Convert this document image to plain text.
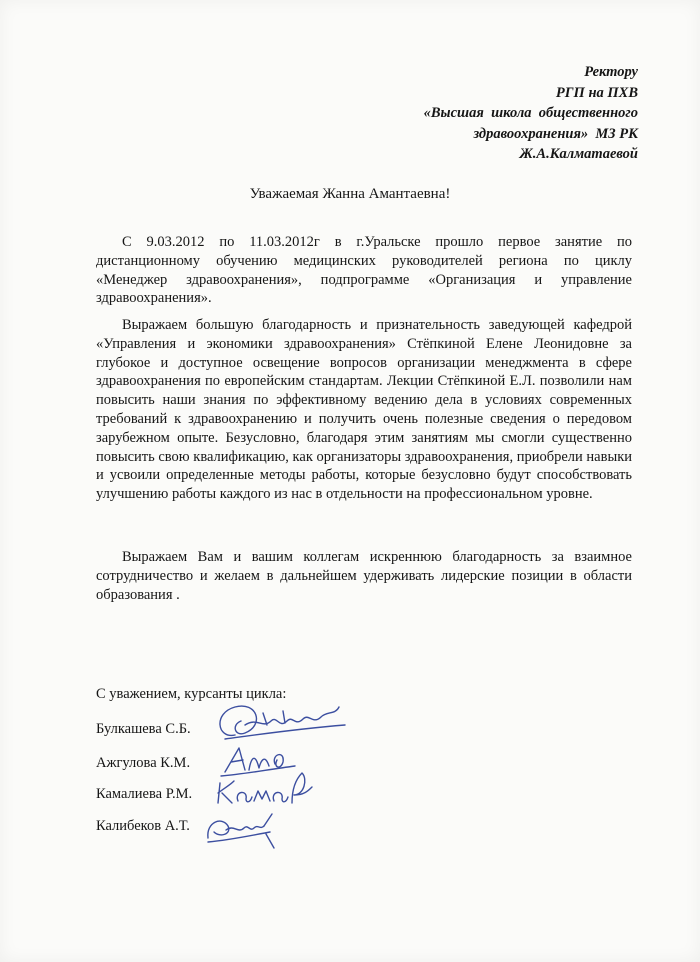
Ректору
РГП на ПХВ
«Высшая  школа  общественного
здравоохранения»  МЗ РК
Ж.А.Калматаевой
Уважаемая Жанна Амантаевна!

С 9.03.2012 по 11.03.2012г в г.Уральске прошло первое занятие по дистанционному обучению медицинских руководителей региона по циклу «Менеджер здравоохранения», подпрограмме «Организация и управление здравоохранения».

Выражаем большую благодарность и признательность заведующей кафедрой «Управления и экономики здравоохранения» Стёпкиной Елене Леонидовне за глубокое и доступное освещение вопросов организации менеджмента в сфере здравоохранения по европейским стандартам. Лекции Стёпкиной Е.Л. позволили нам повысить наши знания по эффективному ведению дела в условиях современных требований к здравоохранению и получить очень полезные сведения о передовом зарубежном опыте. Безусловно, благодаря этим занятиям мы смогли существенно повысить свою квалификацию, как организаторы здравоохранения, приобрели навыки и усвоили определенные методы работы, которые безусловно будут способствовать улучшению работы каждого из нас в отдельности на профессиональном уровне.

Выражаем Вам и вашим коллегам искреннюю благодарность за взаимное сотрудничество и желаем в дальнейшем удерживать лидерские позиции в области образования .

С уважением, курсанты цикла:
Булкашева С.Б.
Ажгулова К.М.
Камалиева Р.М.
Калибеков А.Т.
